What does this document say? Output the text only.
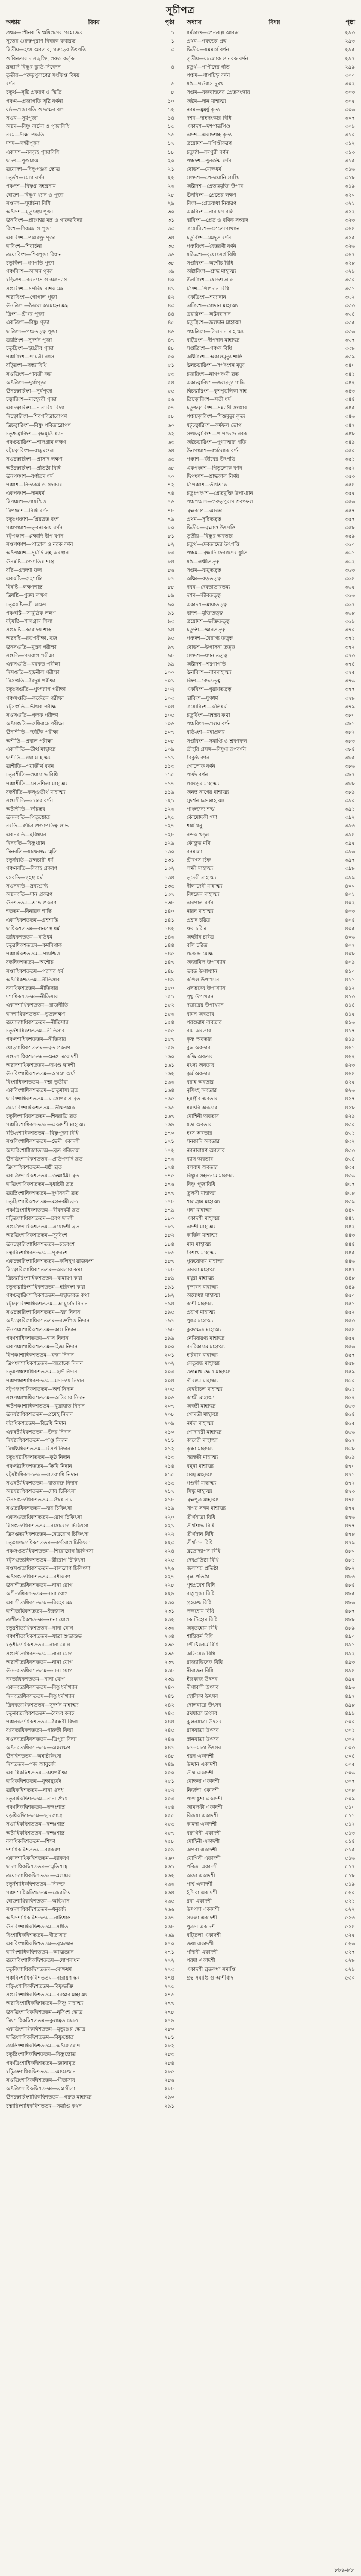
সূচীপত্র
অধ্যায়	বিষয়	পৃষ্ঠা
প্রথম—শৌনকাদি ঋষিগণের প্রশ্নোত্তরে	১
সূতের গুরুত্বপুরাণ বিষয়ক কথারম্ভ	১
দ্বিতীয়—হংস অবতার, গরুড়ের উৎপত্তি	৩
ও বিনতার দাস্যমুক্তি, গরুড় কর্তৃক
ব্রহ্মাদি বিষ্ণুর স্তুতি-নিবেদন	৪
তৃতীয়—গরুড়পুরাণের সংক্ষিপ্ত বিষয়
বর্ণন	৬
চতুর্থ—সৃষ্টি প্রকরণ ও স্থিতি	৮
পঞ্চম—প্রজাপতি সৃষ্টি বর্ণনা	১০
ষষ্ঠ—প্রজাপতি ও দক্ষের বংশ	১২
সপ্তম—সূর্যপূজা	১৪
অষ্টম—বিষ্ণু অর্চনা ও পূজাবিধি	১৫
নবম—দীক্ষা পদ্ধতি	১৬
দশম—লক্ষ্মীপূজা	১৭
একাদশ—নবব্যূহ পূজাবিধি	১৮
দ্বাদশ—পূজাক্রম	২০
ত্রয়োদশ—বিষ্ণুপঞ্জর স্তোত্র	২১
চতুর্দশ—যোগ বর্ণন	২২
পঞ্চদশ—বিষ্ণুর সহস্রনাম	২৩
ষোড়শ—বিষ্ণুর ধ্যান ও পূজা	২৮
সপ্তদশ—সূর্যার্চনা বিধি	২৯
অষ্টাদশ—মৃত্যুঞ্জয় পূজা	৩০
ঊনবিংশ—প্রাণেশ্বর মন্ত্র ও গারুড়বিদ্যা	৩১
বিংশ—শিবমন্ত্র ও পূজা	৩৩
একবিংশ—পঞ্চবক্ত্র পূজা	৩৪
দ্বাবিংশ—শিবার্চনা	৩৫
ত্রয়োবিংশ—শিবপূজা বিধান	৩৬
চতুর্বিংশ—গণপতি পূজা	৩৮
পঞ্চবিংশ—আসন পূজা	৩৯
ষড়্বিংশ—করন্যাস ও অঙ্গন্যাস	৪০
সপ্তবিংশ—সর্পবিষ নাশক মন্ত্র	৪১
অষ্টাবিংশ—গোপাল পূজা	৪২
ঊনত্রিংশ—ত্রৈলোক্যমোহন মন্ত্র	৪৩
ত্রিংশ—শ্রীধর পূজা	৪৪
একত্রিংশ—বিষ্ণু পূজা	৪৫
দ্বাত্রিংশ—পঞ্চতত্ত্ব পূজা	৪৬
ত্রয়স্ত্রিংশ—সুদর্শন পূজা	৪৭
চতুস্ত্রিংশ—হয়গ্রীব পূজা	৪৮
পঞ্চত্রিংশ—গায়ত্রী ন্যাস	৫০
ষট্ত্রিংশ—সন্ধ্যাবিধি	৫১
সপ্তত্রিংশ—গায়ত্রী কল্প	৫৩
অষ্টত্রিংশ—দুর্গাপূজা	৫৪
ঊনচত্বারিংশ—সূর্যপূজা	৫৫
চত্বারিংশ—মাহেশ্বরী পূজা	৫৬
একচত্বারিংশ—নানাবিধ বিদ্যা	৫৭
দ্বিচত্বারিংশ—শিবপবিত্রারোপণ	৫৮
ত্রিচত্বারিংশ—বিষ্ণু পবিত্রারোপণ	৬০
চতুশ্চত্বারিংশ—ব্রহ্মমূর্তি ধ্যান	৬২
পঞ্চচত্বারিংশ—শালগ্রাম লক্ষণ	৬৩
ষট্চত্বারিংশ—বাস্তুমণ্ডল	৬৪
সপ্তচত্বারিংশ—প্রাসাদ লক্ষণ	৬৬
অষ্টচত্বারিংশ—প্রতিষ্ঠা বিধি	৬৮
ঊনপঞ্চাশ—বর্ণাশ্রম ধর্ম	৭০
পঞ্চাশ—নিত্যকর্ম ও সদাচার	৭২
একপঞ্চাশ—দানধর্ম	৭৪
দ্বিপঞ্চাশ—প্রায়শ্চিত্ত	৭৬
ত্রিপঞ্চাশ—নিধি বর্ণন	৭৮
চতুঃপঞ্চাশ—প্রিয়ব্রত বংশ	৭৯
পঞ্চপঞ্চাশ—ভুবনকোষ বর্ণন	৮০
ষট্পঞ্চাশ—প্লক্ষাদি দ্বীপ বর্ণন	৮১
সপ্তপঞ্চাশ—পাতাল ও নরক বর্ণন	৮২
অষ্টপঞ্চাশ—সূর্যাদি গ্রহ অবস্থান	৮৩
ঊনষষ্টি—জ্যোতিষ শাস্ত্র	৮৪
ষষ্টি—গ্রহদশা ফল	৮৬
একষষ্টি—গ্রহশান্তি	৮৭
দ্বিষষ্টি—লক্ষণশাস্ত্র	৮৮
ত্রিষষ্টি—পুরুষ লক্ষণ	৮৯
চতুঃষষ্টি—স্ত্রী লক্ষণ	৯০
পঞ্চষষ্টি—সামুদ্রিক লক্ষণ	৯১
ষট্ষষ্টি—শালগ্রাম শিলা	৯৩
সপ্তষষ্টি—স্বরোদয় শাস্ত্র	৯৪
অষ্টষষ্টি—রত্নপরীক্ষা, বজ্র	৯৫
ঊনসপ্ততি—মুক্তা পরীক্ষা	৯৭
সপ্ততি—পদ্মরাগ পরীক্ষা	৯৮
একসপ্ততি—মরকত পরীক্ষা	৯৯
দ্বিসপ্ততি—ইন্দ্রনীল পরীক্ষা	১০০
ত্রিসপ্ততি—বৈদূর্য পরীক্ষা	১০১
চতুঃসপ্ততি—পুষ্পরাগ পরীক্ষা	১০২
পঞ্চসপ্ততি—কর্কেতন পরীক্ষা	১০৩
ষট্সপ্ততি—ভীষ্মক পরীক্ষা	১০৪
সপ্তসপ্ততি—পুলক পরীক্ষা	১০৫
অষ্টসপ্ততি—রুধিরাক্ষ পরীক্ষা	১০৬
ঊনাশীতি—স্ফটিক পরীক্ষা	১০৭
অশীতি—প্রবাল পরীক্ষা	১০৮
একাশীতি—তীর্থ মাহাত্ম্য	১০৯
দ্ব্যশীতি—গয়া মাহাত্ম্য	১১১
ত্র্যশীতি—গয়াতীর্থ বর্ণন	১১৩
চতুরশীতি—গয়াশ্রাদ্ধ বিধি	১১৫
পঞ্চাশীতি—প্রেতশিলা মাহাত্ম্য	১১৭
ষড়শীতি—ফল্গুতীর্থ মাহাত্ম্য	১১৯
সপ্তাশীতি—মন্বন্তর বর্ণন	১২১
অষ্টাশীতি—রুচিস্তব	১২৩
ঊননবতি—পিতৃস্তোত্র	১২৫
নবতি—রুচির প্রজাপতিত্ব লাভ	১২৭
একনবতি—হরিধ্যান	১২৮
দ্বিনবতি—বিষ্ণুধ্যান	১২৯
ত্রিনবতি—যাজ্ঞবল্ক্য স্মৃতি	১৩০
চতুর্নবতি—ব্রহ্মচারী ধর্ম	১৩১
পঞ্চনবতি—বিবাহ প্রকরণ	১৩২
ষণ্ণবতি—গৃহস্থ ধর্ম	১৩৪
সপ্তনবতি—দ্রব্যশুদ্ধি	১৩৬
অষ্টনবতি—দান প্রকরণ	১৩৭
ঊনশততম—শ্রাদ্ধ প্রকরণ	১৩৮
শততম—বিনায়ক শান্তি	১৪০
একাধিকশততম—গ্রহশান্তি	১৪১
দ্ব্যধিকশততম—বানপ্রস্থ ধর্ম	১৪২
ত্র্যধিকশততম—যতিধর্ম	১৪৩
চতুরধিকশততম—কর্মবিপাক	১৪৪
পঞ্চাধিকশততম—প্রায়শ্চিত্ত	১৪৫
ষড়ধিকশততম—অশৌচ	১৪৭
সপ্তাধিকশততম—পরাশর ধর্ম	১৪৮
অষ্টাধিকশততম—নীতিসার	১৪৯
নবাধিকশততম—নীতিসার	১৫০
দশাধিকশততম—নীতিসার	১৫১
একাদশাধিকশততম—রাজনীতি	১৫২
দ্বাদশাধিকশততম—ভৃত্যলক্ষণ	১৫৩
ত্রয়োদশাধিকশততম—নীতিসার	১৫৪
চতুর্দশাধিকশততম—নীতিসার	১৫৫
পঞ্চদশাধিকশততম—নীতিসার	১৫৭
ষোড়শাধিকশততম—ব্রত প্রকরণ	১৫৯
সপ্তদশাধিকশততম—অনঙ্গ ত্রয়োদশী	১৬০
অষ্টাদশাধিকশততম—অখণ্ড দ্বাদশী	১৬১
ঊনবিংশাধিকশততম—অগস্ত্য অর্ঘ্য	১৬২
বিংশাধিকশততম—রম্ভা তৃতীয়া	১৬৩
একবিংশাধিকশততম—চাতুর্মাস্য ব্রত	১৬৪
দ্বাবিংশাধিকশততম—মাসোপবাস ব্রত	১৬৫
ত্রয়োবিংশাধিকশততম—ভীষ্মপঞ্চক	১৬৬
চতুর্বিংশাধিকশততম—শিবরাত্রি ব্রত	১৬৭
পঞ্চবিংশাধিকশততম—একাদশী মাহাত্ম্য	১৬৯
ষড়্বিংশাধিকশততম—বিষ্ণুপূজা বিধি	১৭০
সপ্তবিংশাধিকশততম—ভৈমী একাদশী	১৭১
অষ্টাবিংশাধিকশততম—ব্রত পরিভাষা	১৭২
ঊনত্রিংশাধিকশততম—প্রতিপদাদি ব্রত	১৭৩
ত্রিংশাধিকশততম—ষষ্ঠী ব্রত	১৭৪
একত্রিংশাধিকশততম—জন্মাষ্টমী ব্রত	১৭৫
দ্বাত্রিংশাধিকশততম—বুধাষ্টমী ব্রত	১৭৬
ত্রয়স্ত্রিংশাধিকশততম—দুর্গানবমী ব্রত	১৭৭
চতুস্ত্রিংশাধিকশততম—মহানবমী ব্রত	১৭৮
পঞ্চত্রিংশাধিকশততম—বীরনবমী ব্রত	১৭৯
ষট্ত্রিংশাধিকশততম—শ্রবণ দ্বাদশী	১৮০
সপ্তত্রিংশাধিকশততম—ত্রয়োদশী ব্রত	১৮১
অষ্টত্রিংশাধিকশততম—সূর্যবংশ	১৮২
ঊনচত্বারিংশাধিকশততম—চন্দ্রবংশ	১৮৪
চত্বারিংশাধিকশততম—পুরুবংশ	১৮৬
একচত্বারিংশাধিকশততম—কলিযুগ রাজবংশ	১৮৭
দ্বিচত্বারিংশাধিকশততম—অবতার কথা	১৮৮
ত্রিচত্বারিংশাধিকশততম—রামায়ণ কথা	১৮৯
চতুশ্চত্বারিংশাধিকশততম—হরিবংশ কথা	১৯১
পঞ্চচত্বারিংশাধিকশততম—মহাভারত কথা	১৯২
ষট্চত্বারিংশাধিকশততম—আয়ুর্বেদ নিদান	১৯৪
সপ্তচত্বারিংশাধিকশততম—জ্বর নিদান	১৯৫
অষ্টচত্বারিংশাধিকশততম—রক্তপিত্ত নিদান	১৯৭
ঊনপঞ্চাশাধিকশততম—কাস নিদান	১৯৮
পঞ্চাশাধিকশততম—শ্বাস নিদান	১৯৯
একপঞ্চাশাধিকশততম—হিক্কা নিদান	২০০
দ্বিপঞ্চাশাধিকশততম—যক্ষ্মা নিদান	২০১
ত্রিপঞ্চাশাধিকশততম—অরোচক নিদান	২০২
চতুঃপঞ্চাশাধিকশততম—ছর্দি নিদান	২০৩
পঞ্চপঞ্চাশাধিকশততম—মদাত্যয় নিদান	২০৪
ষট্পঞ্চাশাধিকশততম—অর্শ নিদান	২০৫
সপ্তপঞ্চাশাধিকশততম—অতিসার নিদান	২০৬
অষ্টপঞ্চাশাধিকশততম—মূত্রাঘাত নিদান	২০৭
ঊনষষ্ট্যধিকশততম—প্রমেহ নিদান	২০৮
ষষ্ট্যধিকশততম—বিদ্রধি নিদান	২০৯
একষষ্ট্যধিকশততম—উদর নিদান	২১০
দ্বিষষ্ট্যধিকশততম—পাণ্ডু নিদান	২১১
ত্রিষষ্ট্যধিকশততম—বিসর্প নিদান	২১২
চতুঃষষ্ট্যধিকশততম—কুষ্ঠ নিদান	২১৩
পঞ্চষষ্ট্যধিকশততম—ক্রিমি নিদান	২১৪
ষট্ষষ্ট্যধিকশততম—বাতব্যাধি নিদান	২১৫
সপ্তষষ্ট্যধিকশততম—বাতরক্ত নিদান	২১৬
অষ্টষষ্ট্যধিকশততম—দোষ চিকিৎসা	২১৭
ঊনসপ্তত্যধিকশততম—ঔষধ নাম	২১৮
সপ্তত্যধিকশততম—জ্বর চিকিৎসা	২১৯
একসপ্তত্যধিকশততম—রোগ চিকিৎসা	২২০
দ্বিসপ্তত্যধিকশততম—নাসারোগ চিকিৎসা	২২১
ত্রিসপ্তত্যধিকশততম—নেত্ররোগ চিকিৎসা	২২২
চতুঃসপ্তত্যধিকশততম—কর্ণরোগ চিকিৎসা	২২৩
পঞ্চসপ্তত্যধিকশততম—শিরোরোগ চিকিৎসা	২২৪
ষট্সপ্তত্যধিকশততম—স্ত্রীরোগ চিকিৎসা	২২৫
সপ্তসপ্তত্যধিকশততম—বালরোগ চিকিৎসা	২২৬
অষ্টসপ্তত্যধিকশততম—বশীকরণ	২২৭
ঊনাশীত্যধিকশততম—নানা রোগ	২২৮
অশীত্যধিকশততম—নানা রোগ	২২৯
একাশীত্যধিকশততম—বিষহর মন্ত্র	২৩০
দ্ব্যশীত্যধিকশততম—ইন্দ্রজাল	২৩১
ত্র্যশীত্যধিকশততম—নানা যোগ	২৩২
চতুরশীত্যধিকশততম—নানা যোগ	২৩৩
পঞ্চাশীত্যধিকশততম—যাত্রা শুভাশুভ	২৩৪
ষড়শীত্যধিকশততম—নানা যোগ	২৩৫
সপ্তাশীত্যধিকশততম—নানা যোগ	২৩৬
অষ্টাশীত্যধিকশততম—নানা যোগ	২৩৭
ঊননবত্যধিকশততম—নানা যোগ	২৩৮
নবত্যধিকশততম—নানা যোগ	২৩৯
একনবত্যধিকশততম—বিষ্ণুধর্মাখ্যান	২৪০
দ্বিনবত্যধিকশততম—বিষ্ণুধর্মাখ্যান	২৪১
ত্রিনবত্যধিকশততম—সুদর্শন মাহাত্ম্য	২৪২
চতুর্নবত্যধিকশততম—বৈষ্ণব কবচ	২৪৩
পঞ্চনবত্যধিকশততম—বৈষ্ণবী বিদ্যা	২৪৪
ষণ্ণবত্যধিকশততম—গারুড়ী বিদ্যা	২৪৫
সপ্তনবত্যধিকশততম—ত্রিপুরা বিদ্যা	২৪৬
অষ্টনবত্যধিকশততম—অশ্বলক্ষণ	২৪৭
ঊনদ্বিশততম—অশ্বচিকিৎসা	২৪৮
দ্বিশততম—গজ আয়ুর্বেদ	২৪৯
একাধিকদ্বিশততম—অশ্বপরীক্ষা	২৫০
দ্ব্যধিকদ্বিশততম—বৃক্ষায়ুর্বেদ	২৫১
ত্র্যধিকদ্বিশততম—নানা ঔষধ	২৫২
চতুরধিকদ্বিশততম—নানা ঔষধ	২৫৩
পঞ্চাধিকদ্বিশততম—ছন্দঃশাস্ত্র	২৫৪
ষড়ধিকদ্বিশততম—ছন্দঃশাস্ত্র	২৫৫
সপ্তাধিকদ্বিশততম—ছন্দঃশাস্ত্র	২৫৬
অষ্টাধিকদ্বিশততম—ছন্দঃশাস্ত্র	২৫৭
নবাধিকদ্বিশততম—শিক্ষা	২৫৮
দশাধিকদ্বিশততম—ব্যাকরণ	২৫৯
একাদশাধিকদ্বিশততম—ব্যাকরণ	২৬০
দ্বাদশাধিকদ্বিশততম—স্মৃতিশাস্ত্র	২৬১
ত্রয়োদশাধিকদ্বিশততম—অলঙ্কার	২৬২
চতুর্দশাধিকদ্বিশততম—নিরুক্ত	২৬৩
পঞ্চদশাধিকদ্বিশততম—জ্যোতিষ	২৬৪
ষোড়শাধিকদ্বিশততম—অভিধান	২৬৫
সপ্তদশাধিকদ্বিশততম—ধনুর্বেদ	২৬৬
অষ্টাদশাধিকদ্বিশততম—নাট্যশাস্ত্র	২৬৭
ঊনবিংশাধিকদ্বিশততম—সঙ্গীত	২৬৮
বিংশাধিকদ্বিশততম—গীতাসার	২৬৯
একবিংশাধিকদ্বিশততম—ব্রহ্মজ্ঞান	২৭০
দ্বাবিংশাধিকদ্বিশততম—আত্মজ্ঞান	২৭১
ত্রয়োবিংশাধিকদ্বিশততম—যোগসাধন	২৭২
চতুর্বিংশাধিকদ্বিশততম—মোক্ষধর্ম	২৭৩
পঞ্চবিংশাধিকদ্বিশততম—নারায়ণ স্তব	২৭৪
ষড়্বিংশাধিকদ্বিশততম—বিষ্ণুভক্তি	২৭৫
সপ্তবিংশাধিকদ্বিশততম—নমস্কার মাহাত্ম্য	২৭৬
অষ্টাবিংশাধিকদ্বিশততম—বিষ্ণু মাহাত্ম্য	২৭৭
ঊনত্রিংশাধিকদ্বিশততম—নৃসিংহ স্তোত্র	২৭৮
ত্রিংশাধিকদ্বিশততম—কুলামৃত স্তোত্র	২৭৯
একত্রিংশাধিকদ্বিশততম—মৃত্যুঞ্জয় স্তোত্র	২৮০
দ্বাত্রিংশাধিকদ্বিশততম—বিষ্ণুস্তোত্র	২৮১
ত্রয়স্ত্রিংশাধিকদ্বিশততম—অষ্টাঙ্গ যোগ	২৮২
চতুস্ত্রিংশাধিকদ্বিশততম—বিষ্ণুস্তোত্র	২৮৩
পঞ্চত্রিংশাধিকদ্বিশততম—জ্ঞানামৃত	২৮৪
ষট্ত্রিংশাধিকদ্বিশততম—আত্মজ্ঞান	২৮৫
সপ্তত্রিংশাধিকদ্বিশততম—গীতাসার	২৮৬
অষ্টত্রিংশাধিকদ্বিশততম—ব্রহ্মগীতা	২৮৮
ঊনচত্বারিংশাধিকদ্বিশততম—গরুড় মাহাত্ম্য	২৯০
চত্বারিংশাধিকদ্বিশততম—সমাপ্তি কথন	২৯১
অধ্যায়	বিষয়	পৃষ্ঠা
ধর্মকাণ্ড—প্রেতকল্প আরম্ভ	২৯৩
প্রথম—গরুড়ের প্রশ্ন	২৯৩
দ্বিতীয়—যমমার্গ বর্ণন	২৯৫
তৃতীয়—যমলোক ও নরক বর্ণন	২৯৭
চতুর্থ—পাপীদের গতি	২৯৯
পঞ্চম—পাপচিহ্ন বর্ণন	৩০০
ষষ্ঠ—গর্ভবাস দুঃখ	৩০২
সপ্তম—বভ্রুবাহনের প্রেতসংস্কার	৩০৩
অষ্টম—দান মাহাত্ম্য	৩০৫
নবম—মুমূর্ষু কৃত্য	৩০৬
দশম—দাহসংস্কার বিধি	৩০৭
একাদশ—দশগাত্রপিণ্ড	৩০৯
দ্বাদশ—একাদশাহ কৃত্য	৩১০
ত্রয়োদশ—সপিণ্ডীকরণ	৩১২
চতুর্দশ—যমপুরী বর্ণন	৩১৩
পঞ্চদশ—পুনর্জন্ম বর্ণন	৩১৫
ষোড়শ—মোক্ষধর্ম	৩১৬
সপ্তদশ—প্রেতযোনি প্রাপ্তি	৩১৮
অষ্টাদশ—প্রেতত্বমুক্তি উপায়	৩১৯
ঊনবিংশ—প্রেতের লক্ষণ	৩২০
বিংশ—প্রেতবাধা নিবারণ	৩২১
একবিংশ—নারায়ণ বলি	৩২২
দ্বাবিংশ—প্রেত ও বণিক সংবাদ	৩২৩
ত্রয়োবিংশ—প্রেতোপাখ্যান	৩২৪
চতুর্বিংশ—যমদূত বর্ণন	৩২৫
পঞ্চবিংশ—বৈতরণী বর্ণন	৩২৬
ষড়্বিংশ—বৃষোৎসর্গ বিধি	৩২৭
সপ্তবিংশ—অশৌচ বিধি	৩২৮
অষ্টাবিংশ—শ্রাদ্ধ মাহাত্ম্য	৩২৯
ঊনত্রিংশ—ষোড়শ শ্রাদ্ধ	৩৩০
ত্রিংশ—পিণ্ডদান বিধি	৩৩১
একত্রিংশ—শয্যাদান	৩৩২
দ্বাত্রিংশ—গোদান মাহাত্ম্য	৩৩৩
ত্রয়স্ত্রিংশ—অষ্টমহাদান	৩৩৪
চতুস্ত্রিংশ—জলদান মাহাত্ম্য	৩৩৫
পঞ্চত্রিংশ—তিলদান মাহাত্ম্য	৩৩৬
ষট্ত্রিংশ—দীপদান মাহাত্ম্য	৩৩৭
সপ্তত্রিংশ—পঞ্চক বিধি	৩৩৮
অষ্টত্রিংশ—অকালমৃত্যু শান্তি	৩৩৯
ঊনচত্বারিংশ—সর্পদংশন মৃত্যু	৩৪০
চত্বারিংশ—নাগপঞ্চমী ব্রত	৩৪১
একচত্বারিংশ—জলমৃত্যু শান্তি	৩৪২
দ্বিচত্বারিংশ—কুশপুত্তলিকা দাহ	৩৪৩
ত্রিচত্বারিংশ—সতী ধর্ম	৩৪৪
চতুশ্চত্বারিংশ—সন্ন্যাসী সংস্কার	৩৪৫
পঞ্চচত্বারিংশ—শিশুমৃত্যু কৃত্য	৩৪৬
ষট্চত্বারিংশ—কর্মফল ভোগ	৩৪৭
সপ্তচত্বারিংশ—পাপভেদে নরক	৩৪৮
অষ্টচত্বারিংশ—পুণ্যাত্মার গতি	৩৪৯
ঊনপঞ্চাশ—স্বর্গলোক বর্ণন	৩৫০
পঞ্চাশ—জীবের উৎপত্তি	৩৫১
একপঞ্চাশ—পিতৃলোক বর্ণন	৩৫২
দ্বিপঞ্চাশ—শ্রাদ্ধকাল নির্ণয়	৩৫৩
ত্রিপঞ্চাশ—তীর্থশ্রাদ্ধ	৩৫৪
চতুঃপঞ্চাশ—প্রেতমুক্তি উপাখ্যান	৩৫৫
পঞ্চপঞ্চাশ—গরুড়পুরাণ শ্রবণফল	৩৫৬
ব্রহ্মকাণ্ড—আরম্ভ	৩৫৭
প্রথম—সৃষ্টিতত্ত্ব	৩৫৭
দ্বিতীয়—ব্রহ্মাণ্ড উৎপত্তি	৩৫৮
তৃতীয়—বিষ্ণুর অবতার	৩৫৯
চতুর্থ—দেবতাদের উৎপত্তি	৩৬০
পঞ্চম—ব্রহ্মাদি দেবগণের স্তুতি	৩৬১
ষষ্ঠ—লক্ষ্মীতত্ত্ব	৩৬২
সপ্তম—বায়ুতত্ত্ব	৩৬৩
অষ্টম—রুদ্রতত্ত্ব	৩৬৪
নবম—দেবতাতারতম্য	৩৬৫
দশম—জীবতত্ত্ব	৩৬৬
একাদশ—মায়াতত্ত্ব	৩৬৭
দ্বাদশ—মুক্তিতত্ত্ব	৩৬৮
ত্রয়োদশ—ভক্তিতত্ত্ব	৩৬৯
চতুর্দশ—জ্ঞানতত্ত্ব	৩৭০
পঞ্চদশ—বৈরাগ্য তত্ত্ব	৩৭১
ষোড়শ—উপাসনা তত্ত্ব	৩৭২
সপ্তদশ—ধ্যান তত্ত্ব	৩৭৩
অষ্টাদশ—শরণাগতি	৩৭৪
ঊনবিংশ—নামমাহাত্ম্য	৩৭৫
বিংশ—বেদতত্ত্ব	৩৭৬
একবিংশ—পুরাণতত্ত্ব	৩৭৭
দ্বাবিংশ—যুগধর্ম	৩৭৮
ত্রয়োবিংশ—কলিধর্ম	৩৭৯
চতুর্বিংশ—মন্বন্তর কথা	৩৮০
পঞ্চবিংশ—প্রলয় বর্ণন	৩৮১
ষড়্বিংশ—মহাপ্রলয়	৩৮২
সপ্তবিংশ—সমাপ্তি ও শ্রবণফল	৩৮৩
শ্রীহরি প্রসঙ্গ—বিষ্ণুর রূপবর্ণন	৩৮৪
বৈকুণ্ঠ বর্ণন	৩৮৫
গোলোক বর্ণন	৩৮৬
পার্ষদ বর্ণন	৩৮৭
গরুড়ের মাহাত্ম্য	৩৮৮
অনন্ত নাগের মাহাত্ম্য	৩৮৯
সুদর্শন চক্র মাহাত্ম্য	৩৯০
পাঞ্চজন্য শঙ্খ	৩৯১
কৌমোদকী গদা	৩৯২
শার্ঙ্গ ধনু	৩৯৩
নন্দক খড়্গ	৩৯৪
কৌস্তুভ মণি	৩৯৫
বনমালা	৩৯৬
শ্রীবৎস চিহ্ন	৩৯৭
লক্ষ্মী মাহাত্ম্য	৩৯৮
ভূদেবী মাহাত্ম্য	৩৯৯
নীলাদেবী মাহাত্ম্য	৪০০
বিষ্বক্সেন মাহাত্ম্য	৪০১
দ্বারপাল বর্ণন	৪০২
নারদ মাহাত্ম্য	৪০৩
প্রহ্লাদ চরিত্র	৪০৪
ধ্রুব চরিত্র	৪০৫
অম্বরীষ চরিত্র	৪০৬
বলি চরিত্র	৪০৭
গজেন্দ্র মোক্ষ	৪০৮
অজামিল উপাখ্যান	৪০৯
ভরত উপাখ্যান	৪১০
কপিল উপাখ্যান	৪১১
ঋষভদেব উপাখ্যান	৪১২
পৃথু উপাখ্যান	৪১৩
দত্তাত্রেয় উপাখ্যান	৪১৪
বামন অবতার	৪১৫
পরশুরাম অবতার	৪১৬
রাম অবতার	৪১৭
কৃষ্ণ অবতার	৪১৯
বুদ্ধ অবতার	৪২১
কল্কি অবতার	৪২২
মৎস্য অবতার	৪২৩
কূর্ম অবতার	৪২৪
বরাহ অবতার	৪২৫
নৃসিংহ অবতার	৪২৬
হয়গ্রীব অবতার	৪২৭
ধন্বন্তরি অবতার	৪২৮
মোহিনী অবতার	৪২৯
যজ্ঞ অবতার	৪৩০
হংস অবতার	৪৩১
সনকাদি অবতার	৪৩২
নরনারায়ণ অবতার	৪৩৩
ব্যাস অবতার	৪৩৪
বলরাম অবতার	৪৩৫
বিষ্ণুর সহস্রনাম মাহাত্ম্য	৪৩৬
বিষ্ণু পূজাবিধি	৪৩৭
তুলসী মাহাত্ম্য	৪৩৮
শালগ্রাম মাহাত্ম্য	৪৩৯
গঙ্গা মাহাত্ম্য	৪৪০
একাদশী মাহাত্ম্য	৪৪১
দ্বাদশী মাহাত্ম্য	৪৪২
কার্তিক মাহাত্ম্য	৪৪৩
মাঘ মাহাত্ম্য	৪৪৪
বৈশাখ মাহাত্ম্য	৪৪৫
পুরুষোত্তম মাহাত্ম্য	৪৪৬
দ্বারকা মাহাত্ম্য	৪৪৭
মথুরা মাহাত্ম্য	৪৪৮
বৃন্দাবন মাহাত্ম্য	৪৪৯
অযোধ্যা মাহাত্ম্য	৪৫০
কাশী মাহাত্ম্য	৪৫১
প্রয়াগ মাহাত্ম্য	৪৫২
পুষ্কর মাহাত্ম্য	৪৫৩
কুরুক্ষেত্র মাহাত্ম্য	৪৫৪
নৈমিষারণ্য মাহাত্ম্য	৪৫৫
বদরিকাশ্রম মাহাত্ম্য	৪৫৬
হরিদ্বার মাহাত্ম্য	৪৫৭
সেতুবন্ধ মাহাত্ম্য	৪৫৮
জগন্নাথ ক্ষেত্র মাহাত্ম্য	৪৫৯
শ্রীরঙ্গম মাহাত্ম্য	৪৬০
বেঙ্কটাচল মাহাত্ম্য	৪৬১
কাঞ্চী মাহাত্ম্য	৪৬২
অবন্তী মাহাত্ম্য	৪৬৩
গোমতী মাহাত্ম্য	৪৬৪
নর্মদা মাহাত্ম্য	৪৬৫
গোদাবরী মাহাত্ম্য	৪৬৬
কাবেরী মাহাত্ম্য	৪৬৭
কৃষ্ণা মাহাত্ম্য	৪৬৮
সরস্বতী মাহাত্ম্য	৪৬৯
যমুনা মাহাত্ম্য	৪৭০
সরযূ মাহাত্ম্য	৪৭১
গণ্ডকী মাহাত্ম্য	৪৭২
সিন্ধু মাহাত্ম্য	৪৭৩
ব্রহ্মপুত্র মাহাত্ম্য	৪৭৪
সাগর সঙ্গম মাহাত্ম্য	৪৭৫
তীর্থযাত্রা বিধি	৪৭৬
তীর্থশ্রাদ্ধ বিধি	৪৭৭
তীর্থস্নান বিধি	৪৭৮
তীর্থদান বিধি	৪৭৯
ব্রতোদ্যাপন বিধি	৪৮০
দেবপ্রতিষ্ঠা বিধি	৪৮১
জলাশয় প্রতিষ্ঠা	৪৮২
বৃক্ষ প্রতিষ্ঠা	৪৮৩
গৃহপ্রবেশ বিধি	৪৮৪
বাস্তুপূজা বিধি	৪৮৫
গ্রহযজ্ঞ বিধি	৪৮৬
লক্ষহোম বিধি	৪৮৭
কোটিহোম বিধি	৪৮৮
অযুতহোম বিধি	৪৮৯
শান্তিকর্ম বিধি	৪৯০
পৌষ্টিককর্ম বিধি	৪৯১
অভিষেক বিধি	৪৯২
রাজ্যাভিষেক বিধি	৪৯৩
নীরাজন বিধি	৪৯৪
ইন্দ্রধ্বজ উৎসব	৪৯৫
দীপাবলী উৎসব	৪৯৬
হোলিকা উৎসব	৪৯৭
দোলযাত্রা উৎসব	৪৯৮
রথযাত্রা উৎসব	৪৯৯
ঝুলনযাত্রা উৎসব	৫০০
রাসযাত্রা উৎসব	৫০১
স্নানযাত্রা উৎসব	৫০২
চন্দনযাত্রা উৎসব	৫০৩
শয়ন একাদশী	৫০৪
উত্থান একাদশী	৫০৫
ভীষ্ম একাদশী	৫০৬
মোক্ষদা একাদশী	৫০৭
নির্জলা একাদশী	৫০৮
পাপাঙ্কুশা একাদশী	৫০৯
আমলকী একাদশী	৫১০
বিজয়া একাদশী	৫১১
কামদা একাদশী	৫১২
বরুথিনী একাদশী	৫১৩
মোহিনী একাদশী	৫১৪
অপরা একাদশী	৫১৫
যোগিনী একাদশী	৫১৬
পবিত্রা একাদশী	৫১৭
অজা একাদশী	৫১৮
পার্শ্ব একাদশী	৫১৯
ইন্দিরা একাদশী	৫২০
রমা একাদশী	৫২১
উৎপন্না একাদশী	৫২২
সফলা একাদশী	৫২৩
পুত্রদা একাদশী	৫২৪
ষট্তিলা একাদশী	৫২৫
জয়া একাদশী	৫২৬
পদ্মিনী একাদশী	৫২৭
পরমা একাদশী	৫২৮
একাদশী ব্রতকথা সমাপ্তি	৫২৯
গ্রন্থ সমাপ্তি ও আশীর্বাদ	৫৩০
৮৮৯-৮৮
